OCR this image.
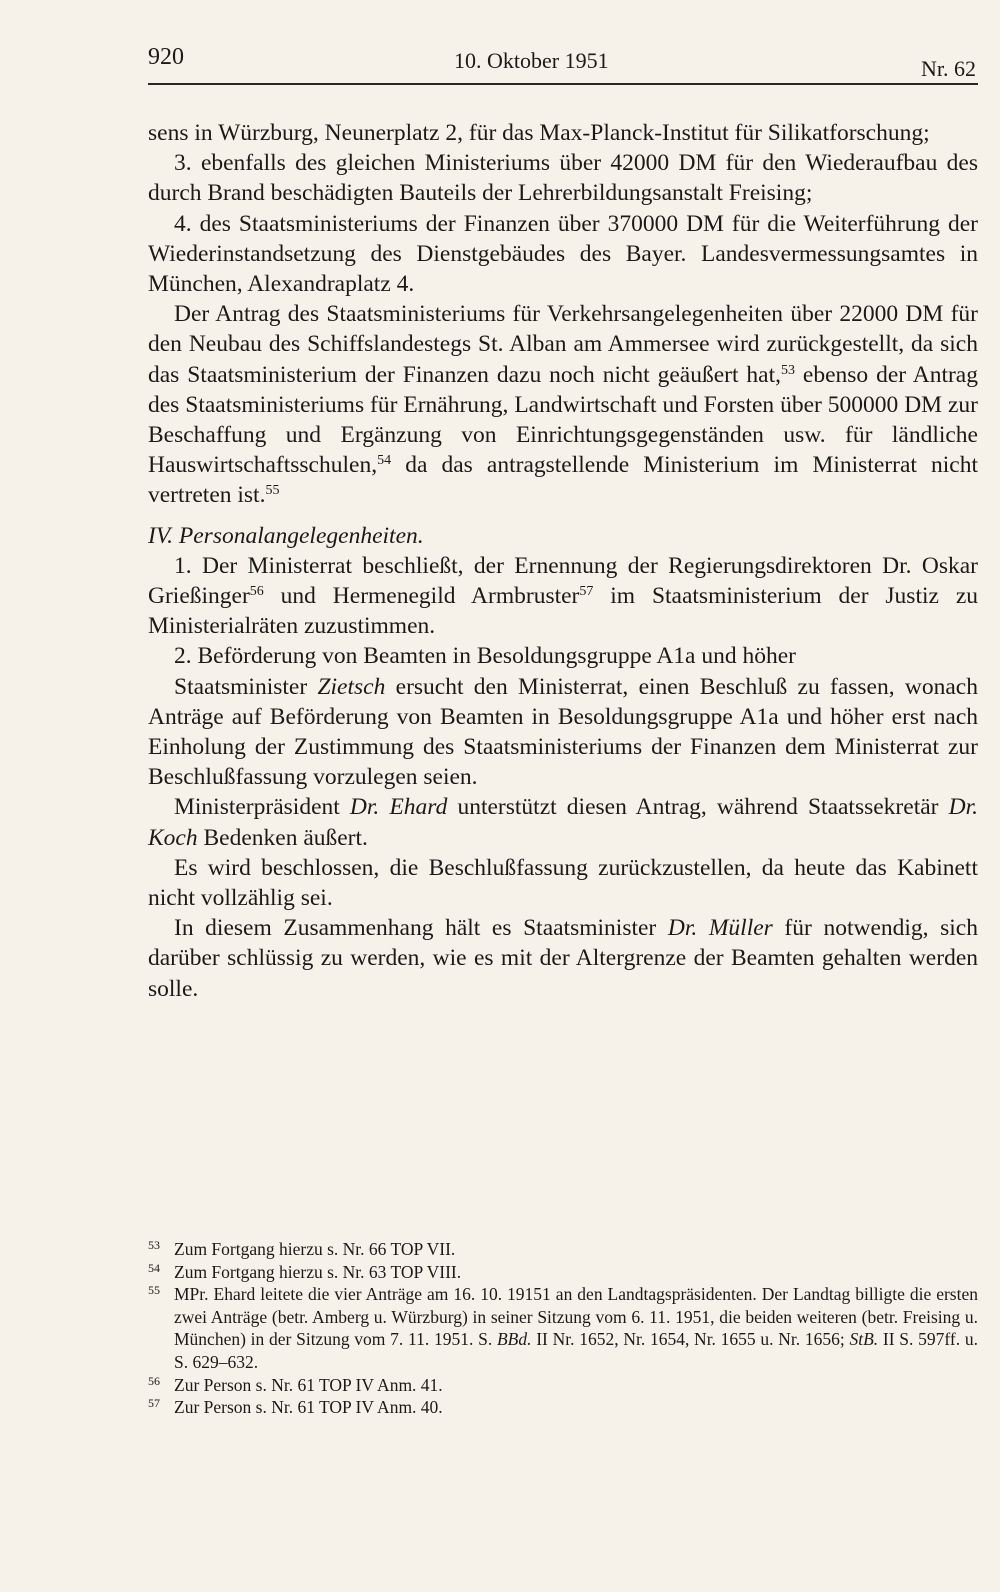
920	10. Oktober 1951	Nr. 62

sens in Würzburg, Neunerplatz 2, für das Max-Planck-Institut für Silikatforschung;

3. ebenfalls des gleichen Ministeriums über 42000 DM für den Wiederaufbau des durch Brand beschädigten Bauteils der Lehrerbildungsanstalt Freising;

4. des Staatsministeriums der Finanzen über 370000 DM für die Weiterführung der Wiederinstandsetzung des Dienstgebäudes des Bayer. Landesvermessungsamtes in München, Alexandraplatz 4.

Der Antrag des Staatsministeriums für Verkehrsangelegenheiten über 22000 DM für den Neubau des Schiffslandestegs St. Alban am Ammersee wird zurückgestellt, da sich das Staatsministerium der Finanzen dazu noch nicht geäußert hat,$^{53}$ ebenso der Antrag des Staatsministeriums für Ernährung, Landwirtschaft und Forsten über 500000 DM zur Beschaffung und Ergänzung von Einrichtungsgegenständen usw. für ländliche Hauswirtschaftsschulen,$^{54}$ da das antragstellende Ministerium im Ministerrat nicht vertreten ist.$^{55}$

IV. Personalangelegenheiten.

1. Der Ministerrat beschließt, der Ernennung der Regierungsdirektoren Dr. Oskar Grießinger$^{56}$ und Hermenegild Armbruster$^{57}$ im Staatsministerium der Justiz zu Ministerialräten zuzustimmen.

2. Beförderung von Beamten in Besoldungsgruppe A1a und höher

Staatsminister Zietsch ersucht den Ministerrat, einen Beschluß zu fassen, wonach Anträge auf Beförderung von Beamten in Besoldungsgruppe A1a und höher erst nach Einholung der Zustimmung des Staatsministeriums der Finanzen dem Ministerrat zur Beschlußfassung vorzulegen seien.

Ministerpräsident Dr. Ehard unterstützt diesen Antrag, während Staatssekretär Dr. Koch Bedenken äußert.

Es wird beschlossen, die Beschlußfassung zurückzustellen, da heute das Kabinett nicht vollzählig sei.

In diesem Zusammenhang hält es Staatsminister Dr. Müller für notwendig, sich darüber schlüssig zu werden, wie es mit der Altergrenze der Beamten gehalten werden solle.

53 Zum Fortgang hierzu s. Nr. 66 TOP VII.

54 Zum Fortgang hierzu s. Nr. 63 TOP VIII.

55 MPr. Ehard leitete die vier Anträge am 16. 10. 19151 an den Landtagspräsidenten. Der Landtag billigte die ersten zwei Anträge (betr. Amberg u. Würzburg) in seiner Sitzung vom 6. 11. 1951, die beiden weiteren (betr. Freising u. München) in der Sitzung vom 7. 11. 1951. S. BBd. II Nr. 1652, Nr. 1654, Nr. 1655 u. Nr. 1656; StB. II S. 597ff. u. S. 629–632.

56 Zur Person s. Nr. 61 TOP IV Anm. 41.

57 Zur Person s. Nr. 61 TOP IV Anm. 40.
